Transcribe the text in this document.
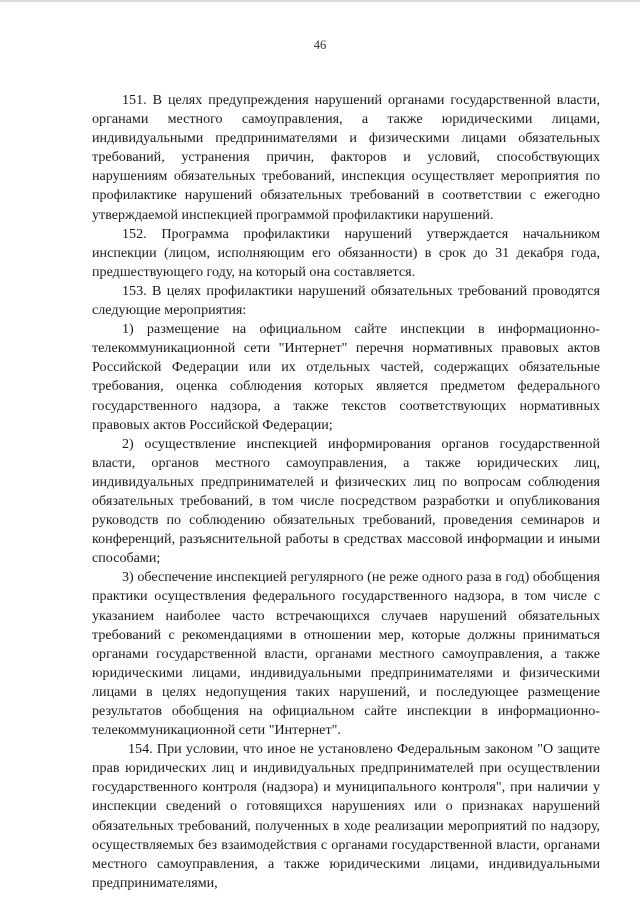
46

151. В целях предупреждения нарушений органами государственной власти, органами местного самоуправления, а также юридическими лицами, индивидуальными предпринимателями и физическими лицами обязательных требований, устранения причин, факторов и условий, способствующих нарушениям обязательных требований, инспекция осуществляет мероприятия по профилактике нарушений обязательных требований в соответствии с ежегодно утверждаемой инспекцией программой профилактики нарушений.

152. Программа профилактики нарушений утверждается начальником инспекции (лицом, исполняющим его обязанности) в срок до 31 декабря года, предшествующего году, на который она составляется.

153. В целях профилактики нарушений обязательных требований проводятся следующие мероприятия:

1) размещение на официальном сайте инспекции в информационно-телекоммуникационной сети "Интернет" перечня нормативных правовых актов Российской Федерации или их отдельных частей, содержащих обязательные требования, оценка соблюдения которых является предметом федерального государственного надзора, а также текстов соответствующих нормативных правовых актов Российской Федерации;

2) осуществление инспекцией информирования органов государственной власти, органов местного самоуправления, а также юридических лиц, индивидуальных предпринимателей и физических лиц по вопросам соблюдения обязательных требований, в том числе посредством разработки и опубликования руководств по соблюдению обязательных требований, проведения семинаров и конференций, разъяснительной работы в средствах массовой информации и иными способами;

3) обеспечение инспекцией регулярного (не реже одного раза в год) обобщения практики осуществления федерального государственного надзора, в том числе с указанием наиболее часто встречающихся случаев нарушений обязательных требований с рекомендациями в отношении мер, которые должны приниматься органами государственной власти, органами местного самоуправления, а также юридическими лицами, индивидуальными предпринимателями и физическими лицами в целях недопущения таких нарушений, и последующее размещение результатов обобщения на официальном сайте инспекции в информационно-телекоммуникационной сети "Интернет".

154. При условии, что иное не установлено Федеральным законом "О защите прав юридических лиц и индивидуальных предпринимателей при осуществлении государственного контроля (надзора) и муниципального контроля", при наличии у инспекции сведений о готовящихся нарушениях или о признаках нарушений обязательных требований, полученных в ходе реализации мероприятий по надзору, осуществляемых без взаимодействия с органами государственной власти, органами местного самоуправления, а также юридическими лицами, индивидуальными предпринимателями,
